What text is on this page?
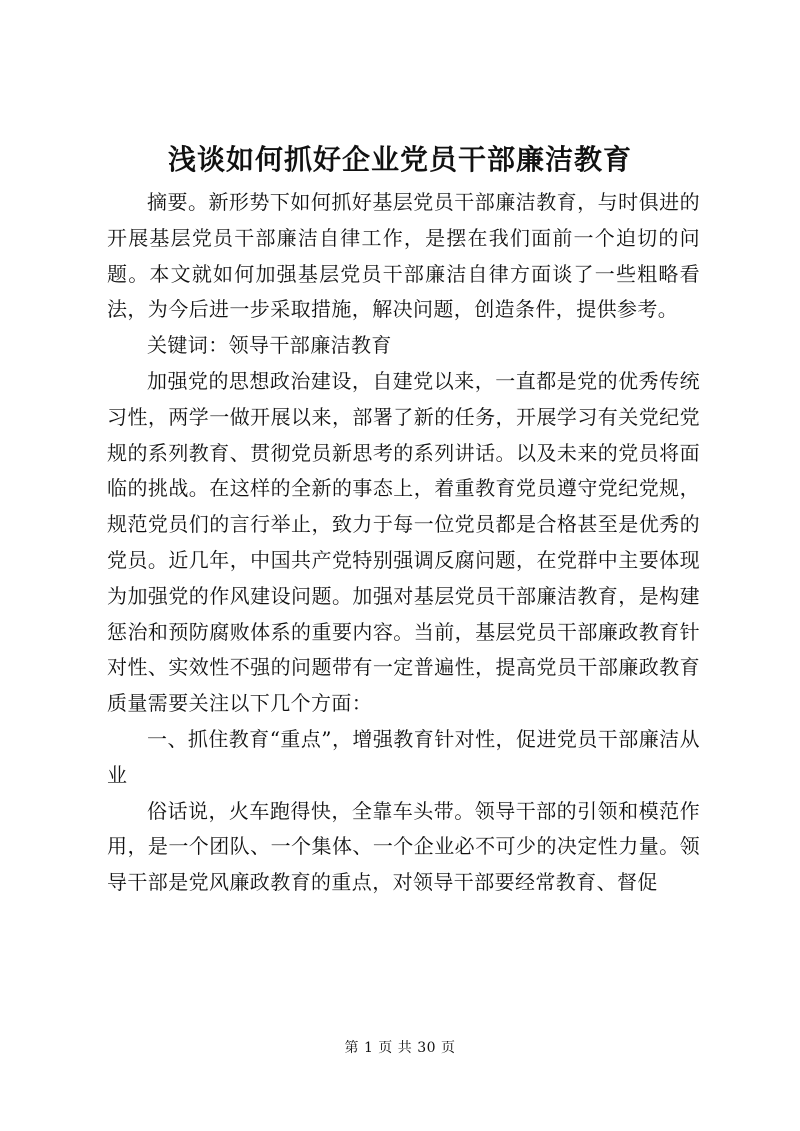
浅谈如何抓好企业党员干部廉洁教育

摘要。新形势下如何抓好基层党员干部廉洁教育，与时俱进的开展基层党员干部廉洁自律工作，是摆在我们面前一个迫切的问题。本文就如何加强基层党员干部廉洁自律方面谈了一些粗略看法，为今后进一步采取措施，解决问题，创造条件，提供参考。

关键词：领导干部廉洁教育

加强党的思想政治建设，自建党以来，一直都是党的优秀传统习性，两学一做开展以来，部署了新的任务，开展学习有关党纪党规的系列教育、贯彻党员新思考的系列讲话。以及未来的党员将面临的挑战。在这样的全新的事态上，着重教育党员遵守党纪党规，规范党员们的言行举止，致力于每一位党员都是合格甚至是优秀的党员。近几年，中国共产党特别强调反腐问题，在党群中主要体现为加强党的作风建设问题。加强对基层党员干部廉洁教育，是构建惩治和预防腐败体系的重要内容。当前，基层党员干部廉政教育针对性、实效性不强的问题带有一定普遍性，提高党员干部廉政教育质量需要关注以下几个方面：

一、抓住教育“重点”，增强教育针对性，促进党员干部廉洁从业

俗话说，火车跑得快，全靠车头带。领导干部的引领和模范作用，是一个团队、一个集体、一个企业必不可少的决定性力量。领导干部是党风廉政教育的重点，对领导干部要经常教育、督促

第 1 页 共 30 页
